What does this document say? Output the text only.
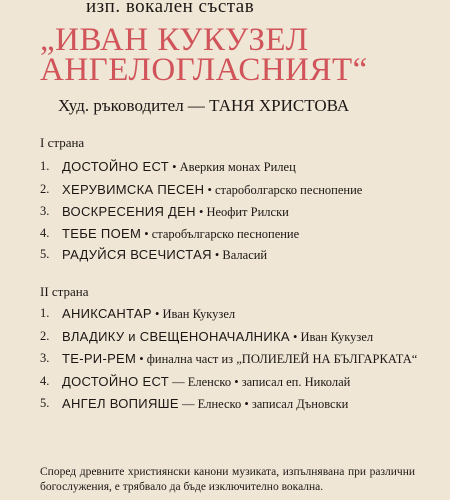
изп. вокален състав
„ИВАН КУКУЗЕЛ
АНГЕЛОГЛАСНИЯТ“
Худ. ръководител — ТАНЯ ХРИСТОВА
I страна
1. ДОСТОЙНО ЕСТ • Аверкия монах Рилец
2. ХЕРУВИМСКА ПЕСЕН • староболгарско песнопение
3. ВОСКРЕСЕНИЯ ДЕН • Неофит Рилски
4. ТЕБЕ ПОЕМ • старобългарско песнопение
5. РАДУЙСЯ ВСЕЧИСТАЯ • Валасий
II страна
1. АНИКСАНТАР • Иван Кукузел
2. ВЛАДИКУ и СВЕЩЕНОНАЧАЛНИКА • Иван Кукузел
3. ТЕ-РИ-РЕМ • финална част из „ПОЛИЕЛЕЙ НА БЪЛГАРКАТА“
4. ДОСТОЙНО ЕСТ — Еленско • записал еп. Николай
5. АНГЕЛ ВОПИЯШЕ — Елнеско • записал Дъновски

Според древните християнски канони музиката, изпълнявана при различни богослужения, е трябвало да бъде изключително вокална.
